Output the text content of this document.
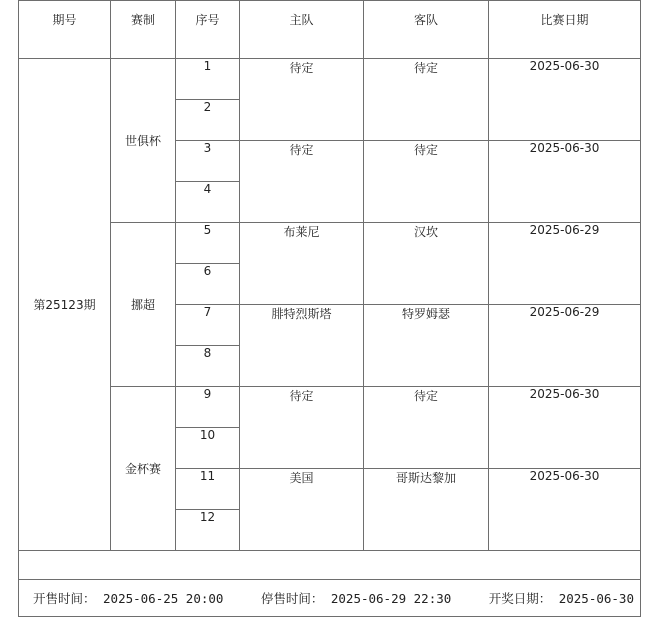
期号	赛制	序号	主队	客队	比赛日期
第25123期	世俱杯	1	待定	待定	2025-06-30
		2			
		3	待定	待定	2025-06-30
		4			
	挪超	5	布莱尼	汉坎	2025-06-29
		6			
		7	腓特烈斯塔	特罗姆瑟	2025-06-29
		8			
	金杯赛	9	待定	待定	2025-06-30
		10			
		11	美国	哥斯达黎加	2025-06-30
		12			

开售时间： 2025-06-25 20:00 停售时间： 2025-06-29 22:30 开奖日期： 2025-06-30					
